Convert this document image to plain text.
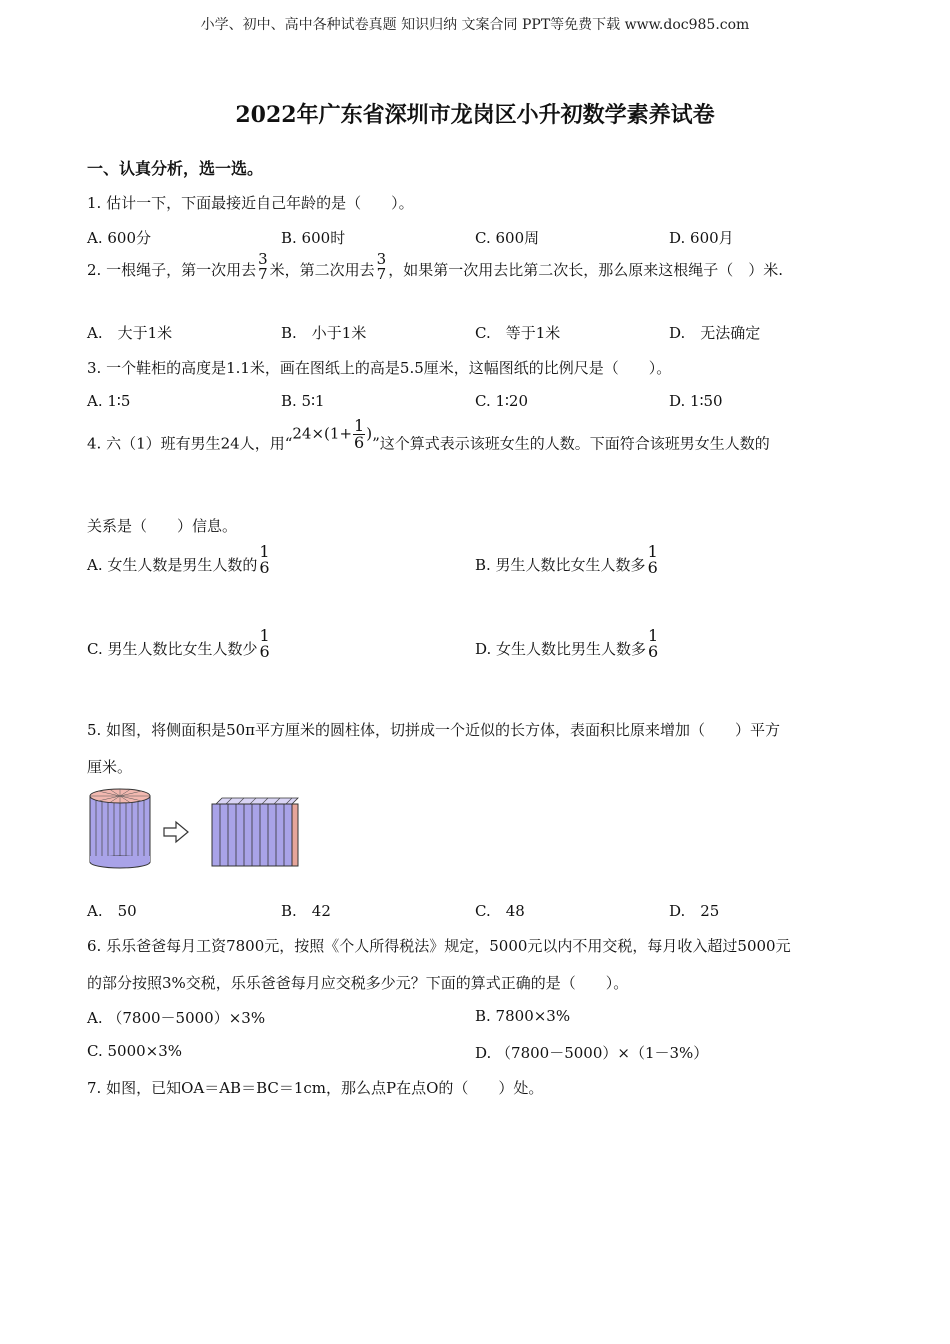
小学、初中、高中各种试卷真题 知识归纳 文案合同 PPT等免费下载 www.doc985.com
2022年广东省深圳市龙岗区小升初数学素养试卷
一、认真分析，选一选。
1. 估计一下，下面最接近自己年龄的是（　　）。
A. 600分	B. 600时	C. 600周	D. 600月
2. 一根绳子，第一次用去
3
7 米，第二次用去
3
7 ，如果第一次用去比第二次长，那么原来这根绳子（　）米.
A.　大于1米	B.　小于1米	C.　等于1米	D.　无法确定
3. 一个鞋柜的高度是1.1米，画在图纸上的高是5.5厘米，这幅图纸的比例尺是（　　）。
A. 1∶5	B. 5∶1	C. 1∶20	D. 1∶50
4. 六（1）班有男生24人，用“$24\times(1+ \frac{1}{6}$ )”这个算式表示该班女生的人数。下面符合该班男女生人数的
关系是（　　）信息。
A. 女生人数是男生人数的
1
6	B. 男生人数比女生人数多
1
6
C. 男生人数比女生人数少
1
6	D. 女生人数比男生人数多
1
6
5. 如图，将侧面积是50π平方厘米的圆柱体，切拼成一个近似的长方体，表面积比原来增加（　　）平方
厘米。
A.　50	B.　42	C.　48	D.　25
6. 乐乐爸爸每月工资7800元，按照《个人所得税法》规定，5000元以内不用交税，每月收入超过5000元
的部分按照3%交税，乐乐爸爸每月应交税多少元？下面的算式正确的是（　　）。
A. （7800－5000）×3%	B. 7800×3%
C. 5000×3%	D. （7800－5000）×（1－3%）
7. 如图，已知OA＝AB＝BC＝1cm，那么点P在点O的（　　）处。
